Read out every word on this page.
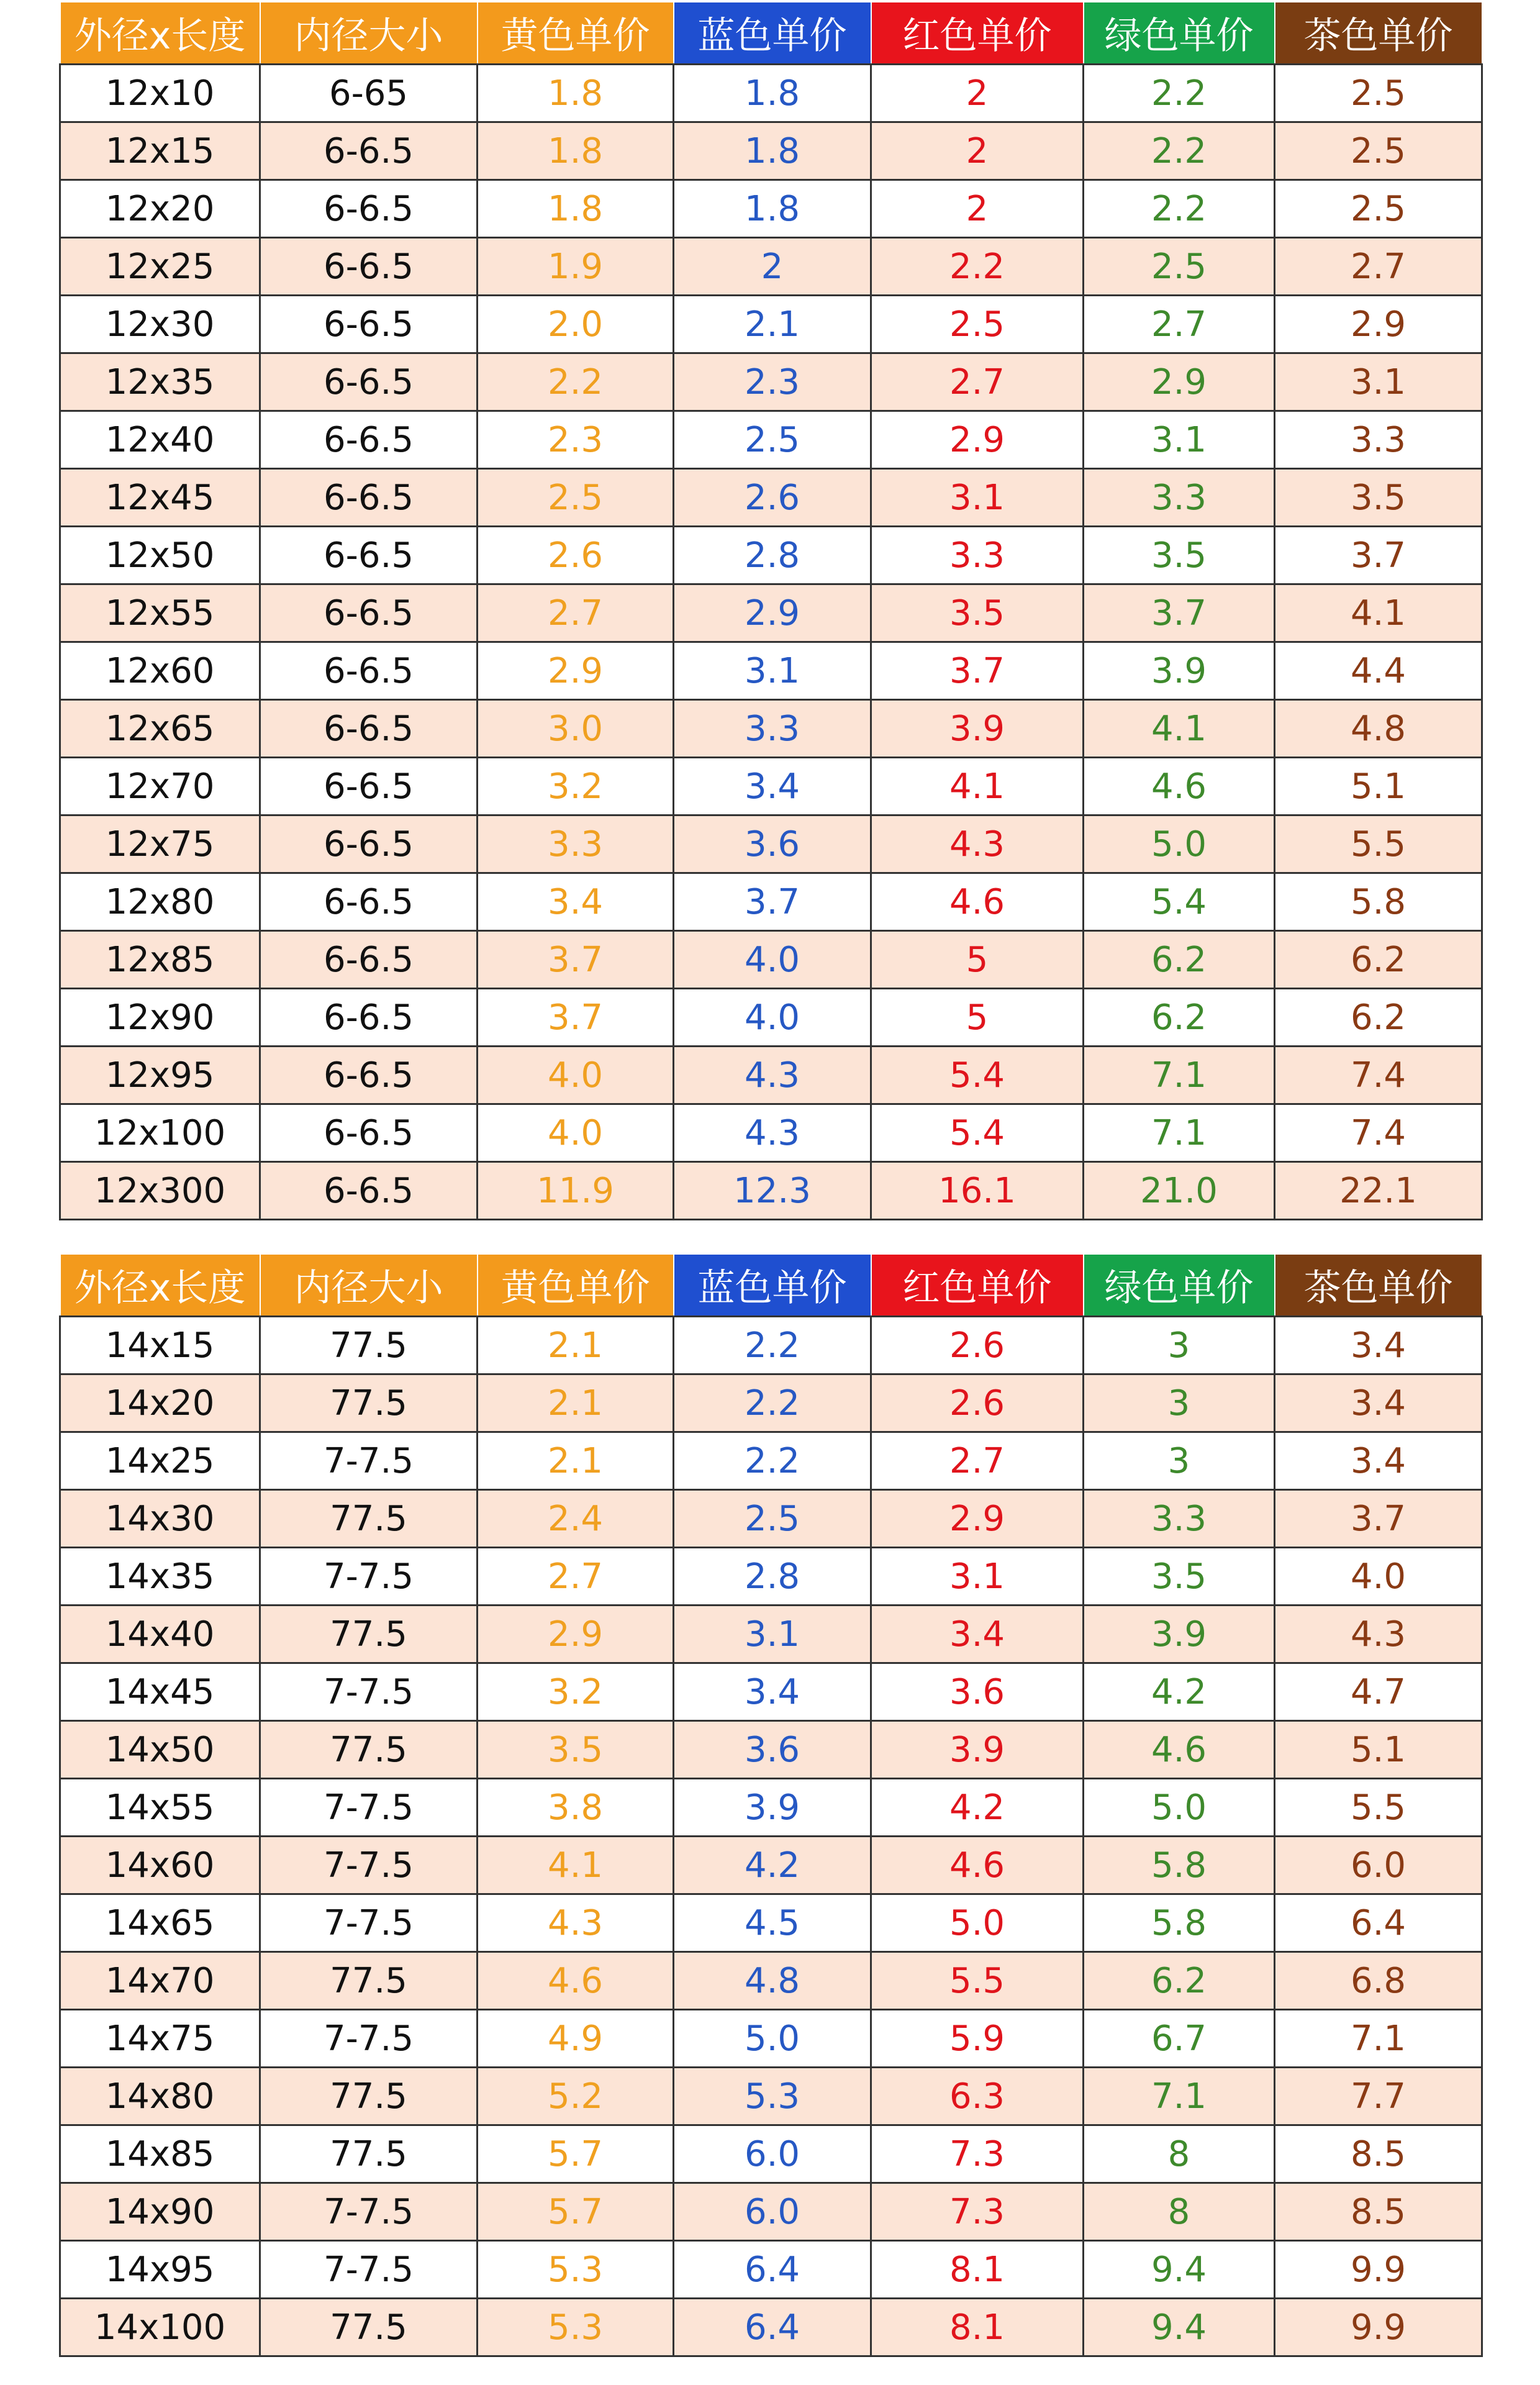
外径x长度	内径大小	黄色单价	蓝色单价	红色单价	绿色单价	茶色单价
12x10	6-65	1.8	1.8	2	2.2	2.5
12x15	6-6.5	1.8	1.8	2	2.2	2.5
12x20	6-6.5	1.8	1.8	2	2.2	2.5
12x25	6-6.5	1.9	2	2.2	2.5	2.7
12x30	6-6.5	2.0	2.1	2.5	2.7	2.9
12x35	6-6.5	2.2	2.3	2.7	2.9	3.1
12x40	6-6.5	2.3	2.5	2.9	3.1	3.3
12x45	6-6.5	2.5	2.6	3.1	3.3	3.5
12x50	6-6.5	2.6	2.8	3.3	3.5	3.7
12x55	6-6.5	2.7	2.9	3.5	3.7	4.1
12x60	6-6.5	2.9	3.1	3.7	3.9	4.4
12x65	6-6.5	3.0	3.3	3.9	4.1	4.8
12x70	6-6.5	3.2	3.4	4.1	4.6	5.1
12x75	6-6.5	3.3	3.6	4.3	5.0	5.5
12x80	6-6.5	3.4	3.7	4.6	5.4	5.8
12x85	6-6.5	3.7	4.0	5	6.2	6.2
12x90	6-6.5	3.7	4.0	5	6.2	6.2
12x95	6-6.5	4.0	4.3	5.4	7.1	7.4
12x100	6-6.5	4.0	4.3	5.4	7.1	7.4
12x300	6-6.5	11.9	12.3	16.1	21.0	22.1
外径x长度	内径大小	黄色单价	蓝色单价	红色单价	绿色单价	茶色单价
14x15	77.5	2.1	2.2	2.6	3	3.4
14x20	77.5	2.1	2.2	2.6	3	3.4
14x25	7-7.5	2.1	2.2	2.7	3	3.4
14x30	77.5	2.4	2.5	2.9	3.3	3.7
14x35	7-7.5	2.7	2.8	3.1	3.5	4.0
14x40	77.5	2.9	3.1	3.4	3.9	4.3
14x45	7-7.5	3.2	3.4	3.6	4.2	4.7
14x50	77.5	3.5	3.6	3.9	4.6	5.1
14x55	7-7.5	3.8	3.9	4.2	5.0	5.5
14x60	7-7.5	4.1	4.2	4.6	5.8	6.0
14x65	7-7.5	4.3	4.5	5.0	5.8	6.4
14x70	77.5	4.6	4.8	5.5	6.2	6.8
14x75	7-7.5	4.9	5.0	5.9	6.7	7.1
14x80	77.5	5.2	5.3	6.3	7.1	7.7
14x85	77.5	5.7	6.0	7.3	8	8.5
14x90	7-7.5	5.7	6.0	7.3	8	8.5
14x95	7-7.5	5.3	6.4	8.1	9.4	9.9
14x100	77.5	5.3	6.4	8.1	9.4	9.9
